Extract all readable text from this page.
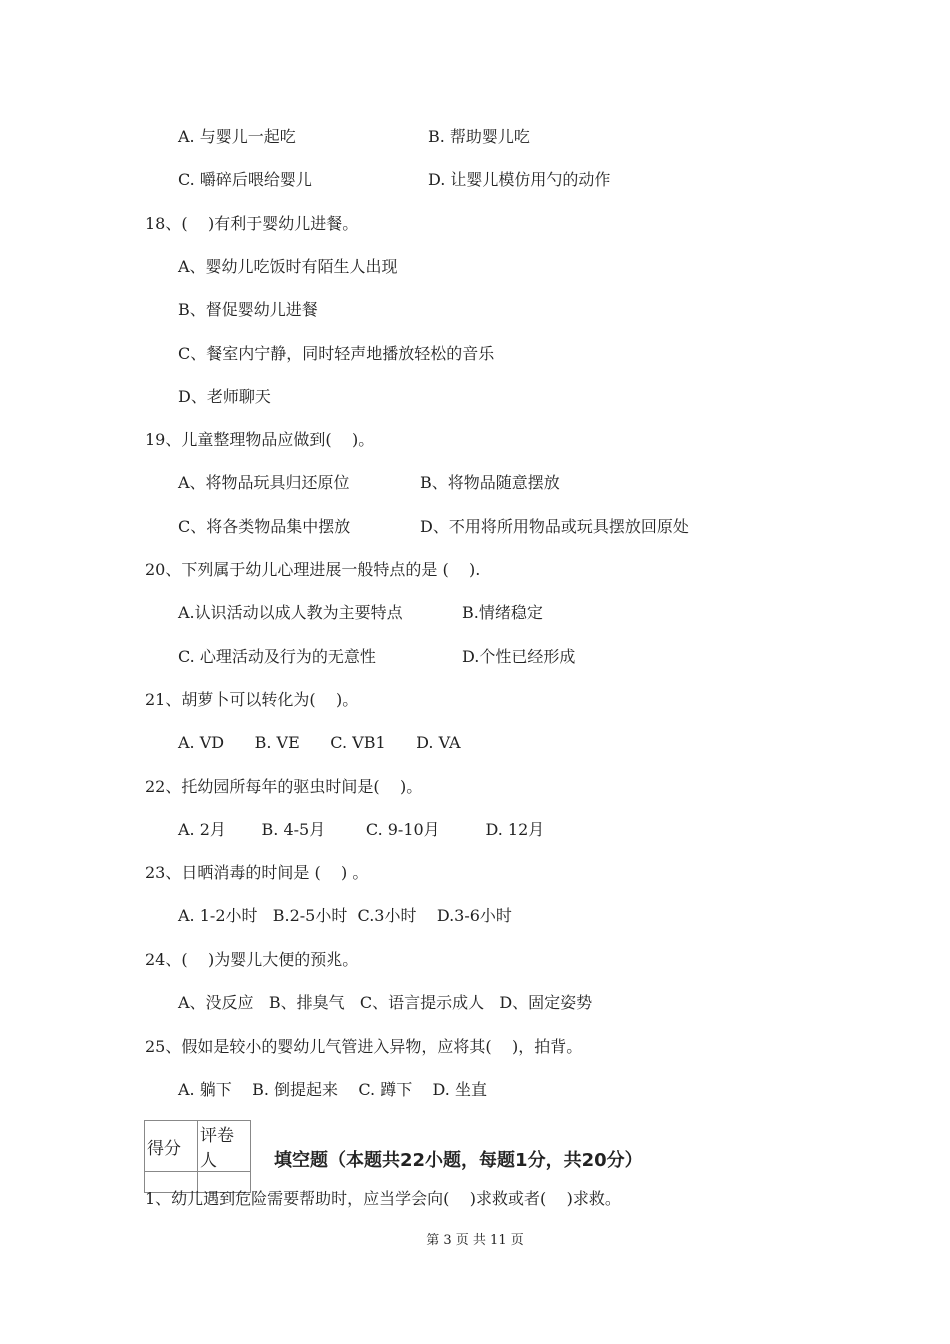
A. 与婴儿一起吃	B. 帮助婴儿吃
C. 嚼碎后喂给婴儿	D. 让婴儿模仿用勺的动作
18、(    )有利于婴幼儿进餐。
A、婴幼儿吃饭时有陌生人出现
B、督促婴幼儿进餐
C、餐室内宁静，同时轻声地播放轻松的音乐
D、老师聊天
19、儿童整理物品应做到(    )。
A、将物品玩具归还原位	B、将物品随意摆放
C、将各类物品集中摆放	D、不用将所用物品或玩具摆放回原处
20、下列属于幼儿心理进展一般特点的是 (    ).
A.认识活动以成人教为主要特点	B.情绪稳定
C. 心理活动及行为的无意性	D.个性已经形成
21、胡萝卜可以转化为(    )。
A. VD      B. VE      C. VB1      D. VA
22、托幼园所每年的驱虫时间是(    )。
A. 2月       B. 4-5月        C. 9-10月         D. 12月
23、日晒消毒的时间是 (    ) 。
A. 1-2小时   B.2-5小时  C.3小时    D.3-6小时
24、(    )为婴儿大便的预兆。
A、没反应   B、排臭气   C、语言提示成人   D、固定姿势
25、假如是较小的婴幼儿气管进入异物，应将其(    )，拍背。
A. 躺下    B. 倒提起来    C. 蹲下    D. 坐直
得分	评卷人
		填空题（本题共22小题，每题1分，共20分）
1、幼儿遇到危险需要帮助时，应当学会向(    )求救或者(    )求救。
第 3 页 共 11 页
